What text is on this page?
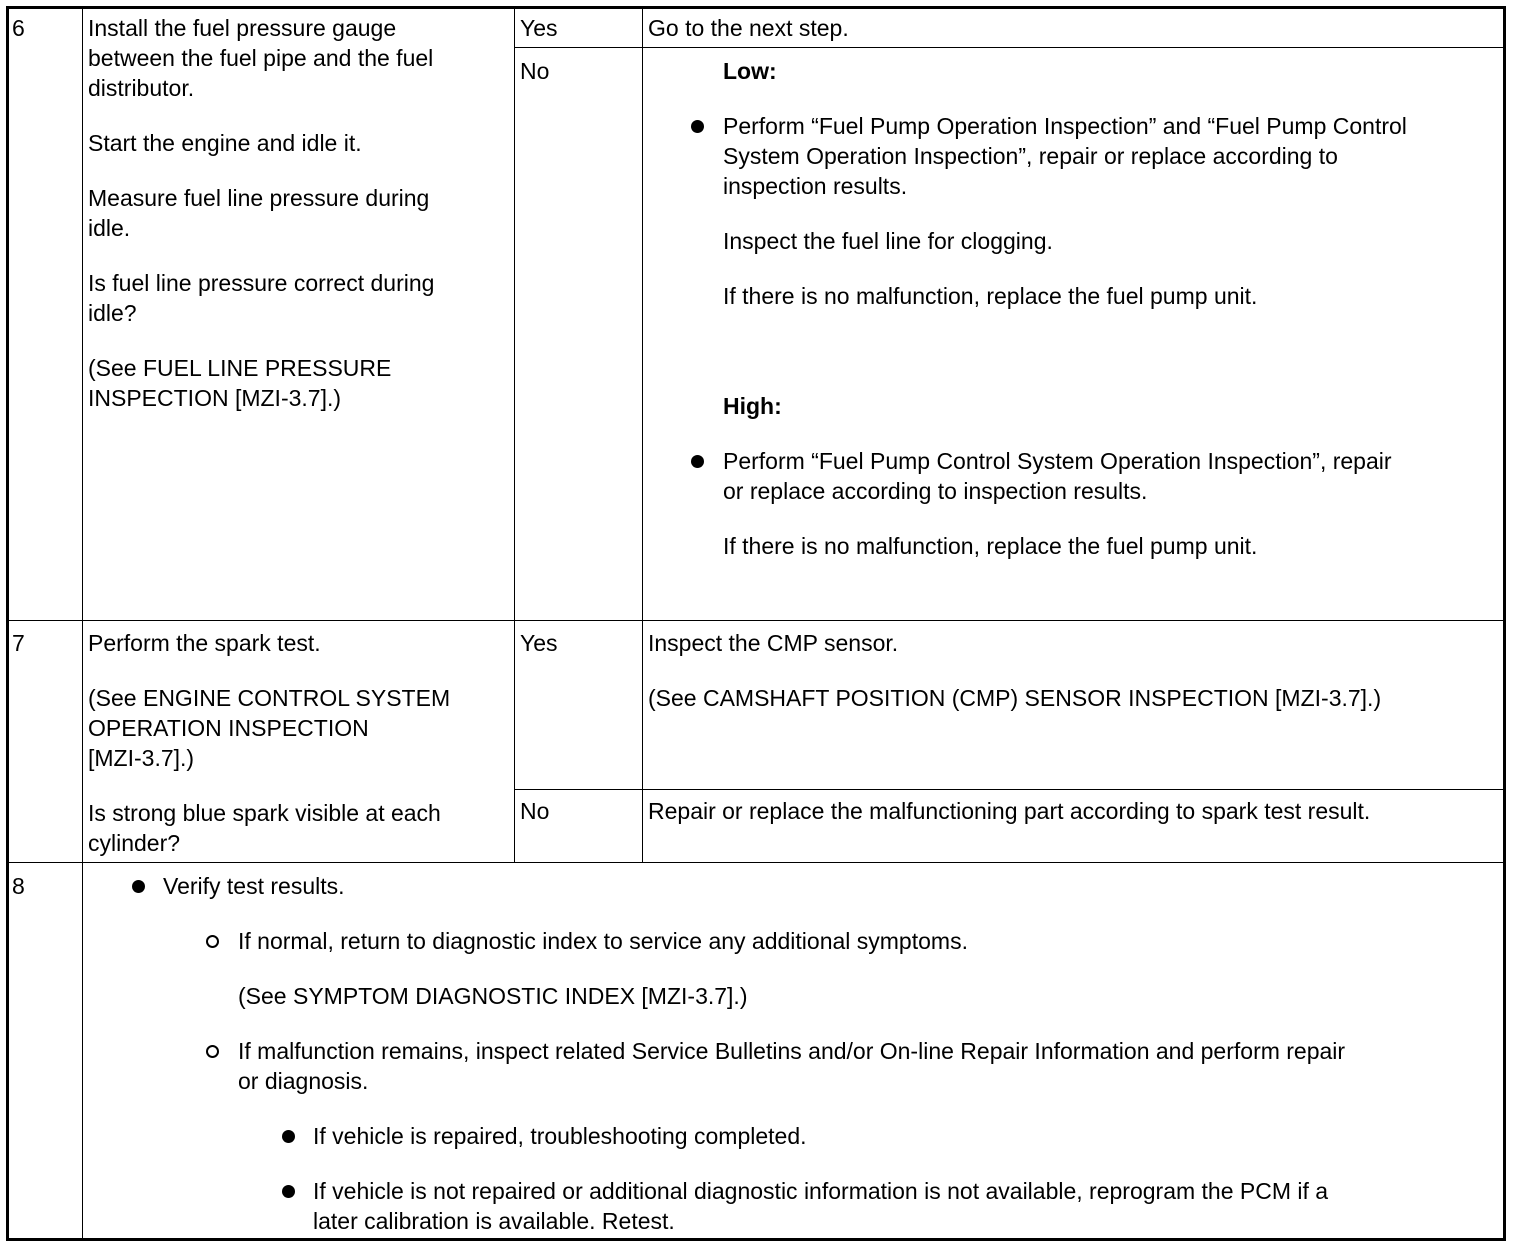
6	Install the fuel pressure gauge
between the fuel pipe and the fuel
distributor.
Start the engine and idle it.
Measure fuel line pressure during
idle.
Is fuel line pressure correct during
idle?
(See FUEL LINE PRESSURE
INSPECTION [MZI-3.7].)
Yes	Go to the next step.
No	Low:
Perform “Fuel Pump Operation Inspection” and “Fuel Pump Control
System Operation Inspection”, repair or replace according to
inspection results.
Inspect the fuel line for clogging.
If there is no malfunction, replace the fuel pump unit.
High:
Perform “Fuel Pump Control System Operation Inspection”, repair
or replace according to inspection results.
If there is no malfunction, replace the fuel pump unit.
7	Perform the spark test.
(See ENGINE CONTROL SYSTEM
OPERATION INSPECTION
[MZI-3.7].)
Is strong blue spark visible at each
cylinder?
Yes	Inspect the CMP sensor.
(See CAMSHAFT POSITION (CMP) SENSOR INSPECTION [MZI-3.7].)
No	Repair or replace the malfunctioning part according to spark test result.
8	Verify test results.
If normal, return to diagnostic index to service any additional symptoms.
(See SYMPTOM DIAGNOSTIC INDEX [MZI-3.7].)
If malfunction remains, inspect related Service Bulletins and/or On-line Repair Information and perform repair
or diagnosis.
If vehicle is repaired, troubleshooting completed.
If vehicle is not repaired or additional diagnostic information is not available, reprogram the PCM if a
later calibration is available. Retest.
